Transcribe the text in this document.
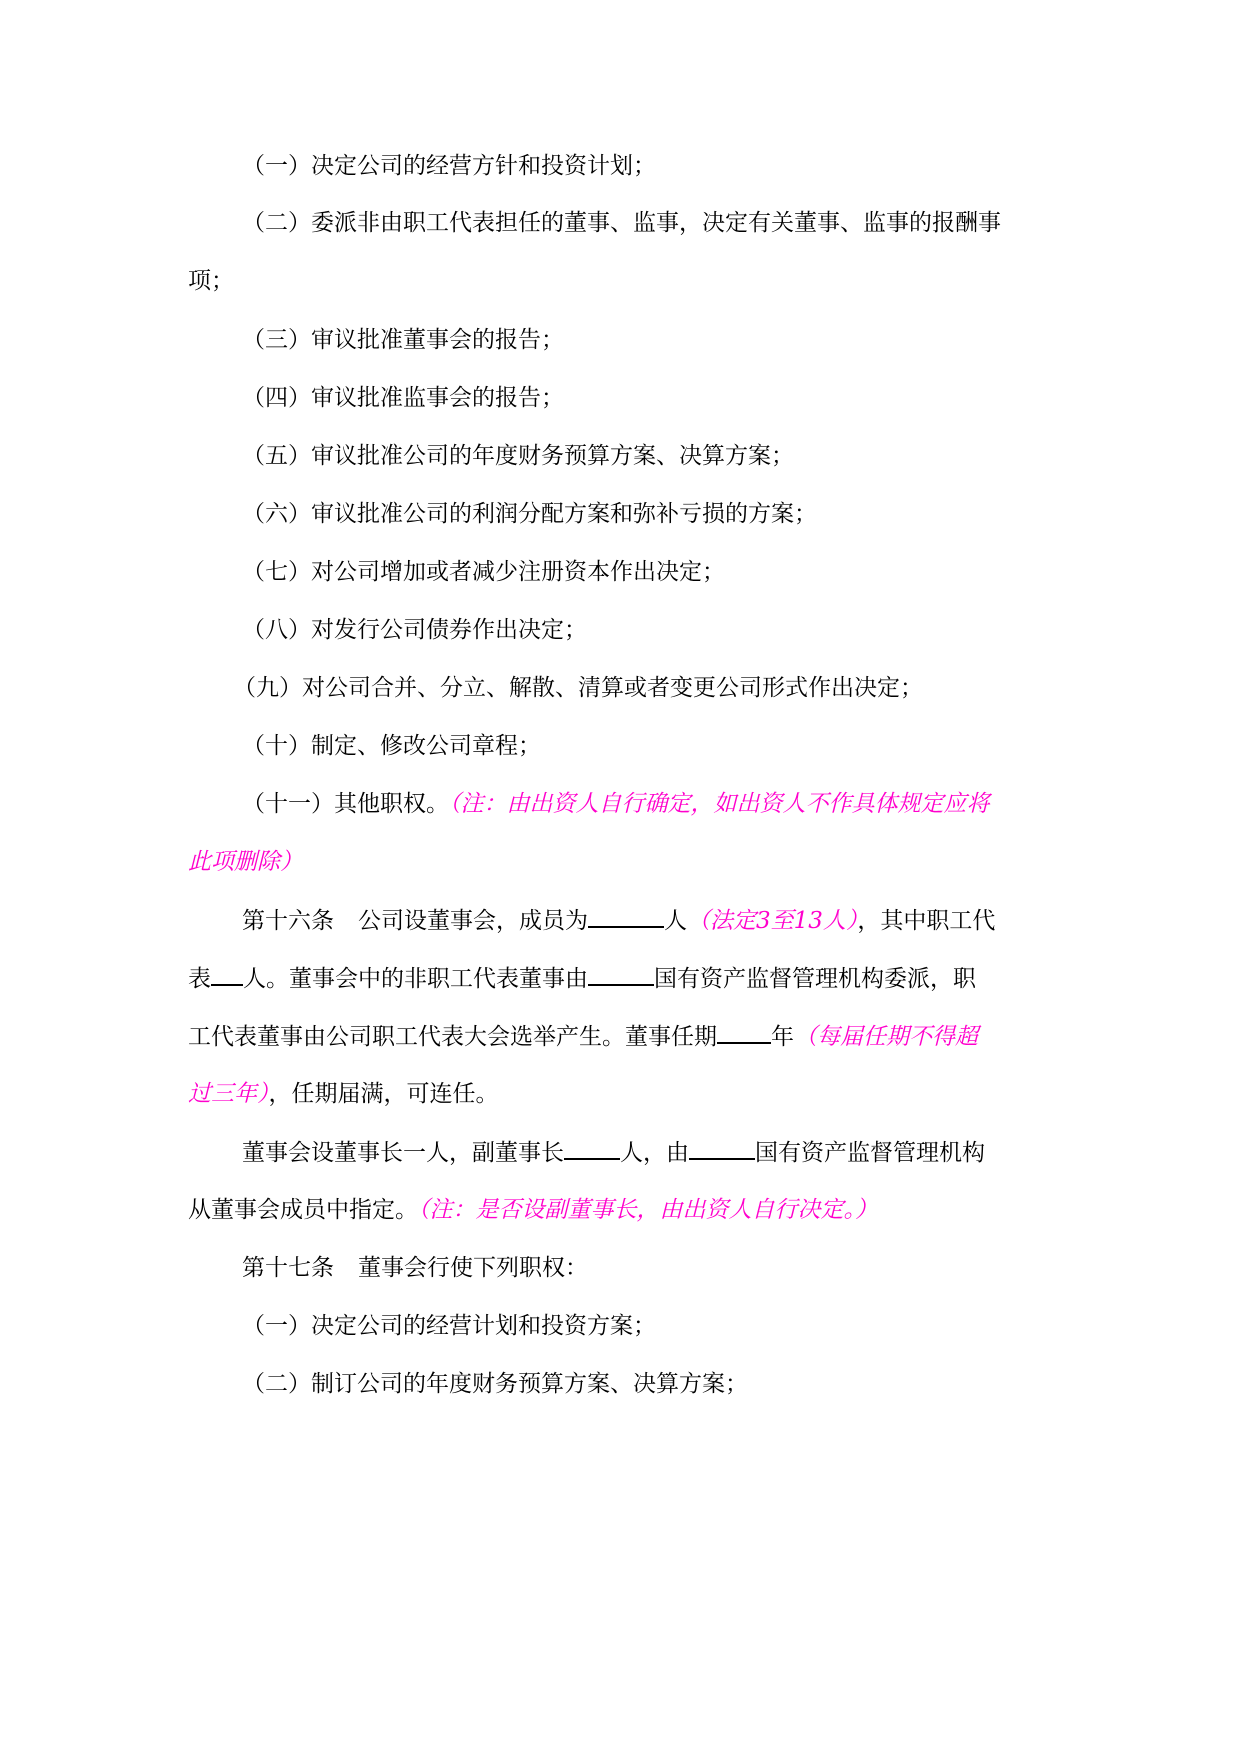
（一）决定公司的经营方针和投资计划；
（二）委派非由职工代表担任的董事、监事，决定有关董事、监事的报酬事
项；
（三）审议批准董事会的报告；
（四）审议批准监事会的报告；
（五）审议批准公司的年度财务预算方案、决算方案；
（六）审议批准公司的利润分配方案和弥补亏损的方案；
（七）对公司增加或者减少注册资本作出决定；
（八）对发行公司债券作出决定；
（九）对公司合并、分立、解散、清算或者变更公司形式作出决定；
（十）制定、修改公司章程；
（十一）其他职权。（注：由出资人自行确定，如出资人不作具体规定应将
此项删除）
第十六条 公司设董事会，成员为	人（法定3至13人），其中职工代
表 人。董事会中的非职工代表董事由	国有资产监督管理机构委派，职
工代表董事由公司职工代表大会选举产生。董事任期 年（每届任期不得超
过三年），任期届满，可连任。
董事会设董事长一人，副董事长 人，由	国有资产监督管理机构
从董事会成员中指定。（注：是否设副董事长，由出资人自行决定。）
第十七条 董事会行使下列职权：
（一）决定公司的经营计划和投资方案；
（二）制订公司的年度财务预算方案、决算方案；
